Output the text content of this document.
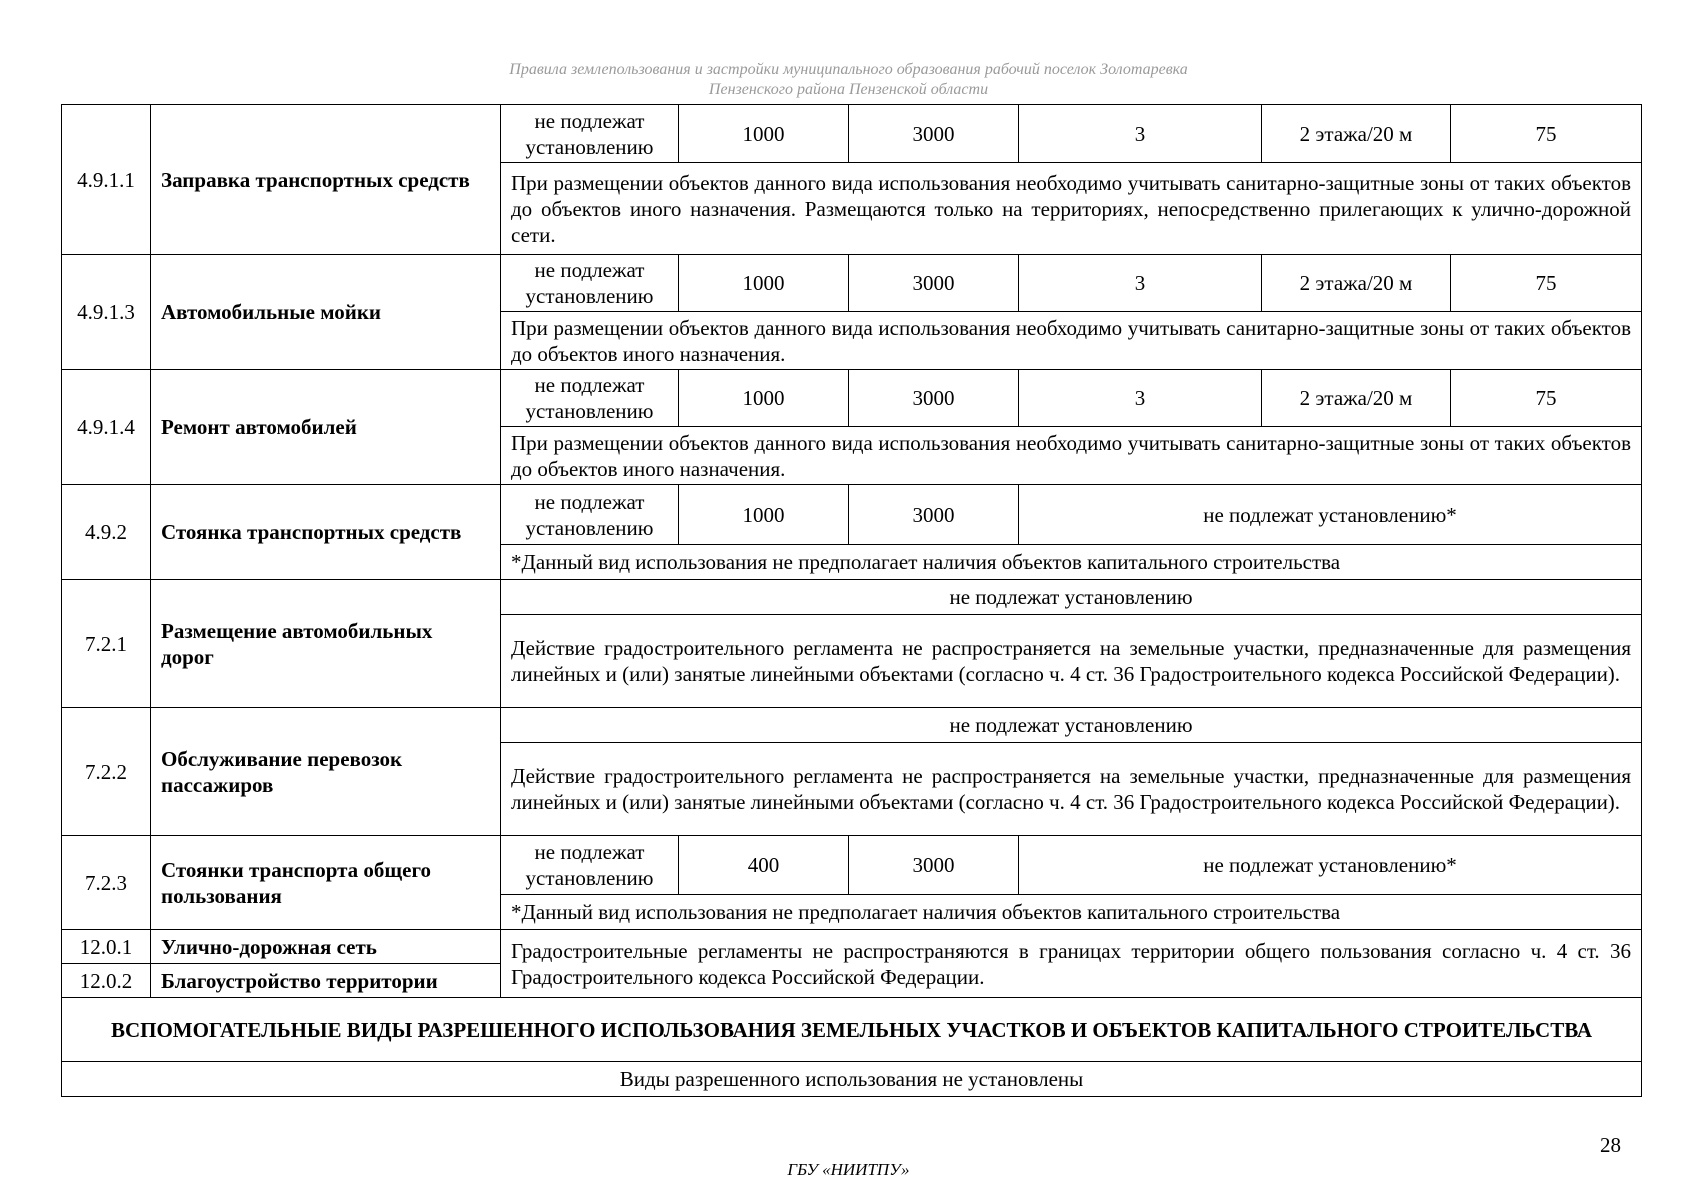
Правила землепользования и застройки муниципального образования рабочий поселок Золотаревка
Пензенского района Пензенской области
4.9.1.1	Заправка транспортных средств	не подлежат установлению	1000	3000	3	2 этажа/20 м	75
		При размещении объектов данного вида использования необходимо учитывать санитарно-защитные зоны от таких объектов до объектов иного назначения. Размещаются только на территориях, непосредственно прилегающих к улично-дорожной сети.					
4.9.1.3	Автомобильные мойки	не подлежат установлению	1000	3000	3	2 этажа/20 м	75
		При размещении объектов данного вида использования необходимо учитывать санитарно-защитные зоны от таких объектов до объектов иного назначения.					
4.9.1.4	Ремонт автомобилей	не подлежат установлению	1000	3000	3	2 этажа/20 м	75
		При размещении объектов данного вида использования необходимо учитывать санитарно-защитные зоны от таких объектов до объектов иного назначения.					
4.9.2	Стоянка транспортных средств	не подлежат установлению	1000	3000	не подлежат установлению*		
		*Данный вид использования не предполагает наличия объектов капитального строительства					
7.2.1	Размещение автомобильных дорог	не подлежат установлению					
		Действие градостроительного регламента не распространяется на земельные участки, предназначенные для размещения линейных и (или) занятые линейными объектами (согласно ч. 4 ст. 36 Градостроительного кодекса Российской Федерации).					
7.2.2	Обслуживание перевозок пассажиров	не подлежат установлению					
		Действие градостроительного регламента не распространяется на земельные участки, предназначенные для размещения линейных и (или) занятые линейными объектами (согласно ч. 4 ст. 36 Градостроительного кодекса Российской Федерации).					
7.2.3	Стоянки транспорта общего пользования	не подлежат установлению	400	3000	не подлежат установлению*		
		*Данный вид использования не предполагает наличия объектов капитального строительства					
12.0.1	Улично-дорожная сеть	Градостроительные регламенты не распространяются в границах территории общего пользования согласно ч. 4 ст. 36 Градостроительного кодекса Российской Федерации.					
12.0.2	Благоустройство территории						
ВСПОМОГАТЕЛЬНЫЕ ВИДЫ РАЗРЕШЕННОГО ИСПОЛЬЗОВАНИЯ ЗЕМЕЛЬНЫХ УЧАСТКОВ И ОБЪЕКТОВ КАПИТАЛЬНОГО СТРОИТЕЛЬСТВА							
Виды разрешенного использования не установлены							
28
ГБУ «НИИТПУ»
